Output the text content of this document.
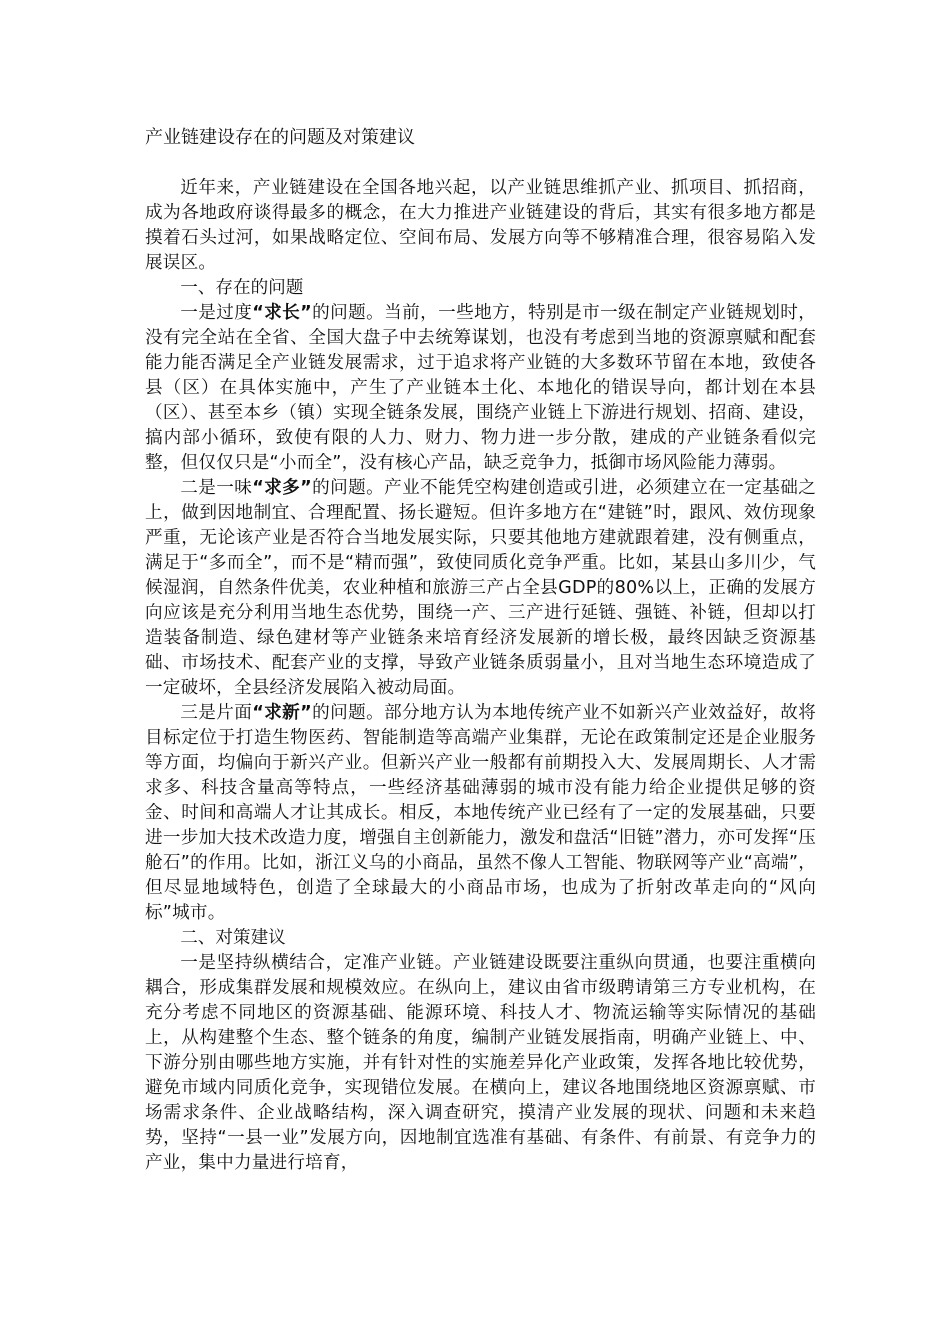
产业链建设存在的问题及对策建议

近年来，产业链建设在全国各地兴起，以产业链思维抓产业、抓项目、抓招商，成为各地政府谈得最多的概念，在大力推进产业链建设的背后，其实有很多地方都是摸着石头过河，如果战略定位、空间布局、发展方向等不够精准合理，很容易陷入发展误区。

一、存在的问题

一是过度“求长”的问题。当前，一些地方，特别是市一级在制定产业链规划时，没有完全站在全省、全国大盘子中去统筹谋划，也没有考虑到当地的资源禀赋和配套能力能否满足全产业链发展需求，过于追求将产业链的大多数环节留在本地，致使各县（区）在具体实施中，产生了产业链本土化、本地化的错误导向，都计划在本县（区）、甚至本乡（镇）实现全链条发展，围绕产业链上下游进行规划、招商、建设，搞内部小循环，致使有限的人力、财力、物力进一步分散，建成的产业链条看似完整，但仅仅只是“小而全”，没有核心产品，缺乏竞争力，抵御市场风险能力薄弱。

二是一味“求多”的问题。产业不能凭空构建创造或引进，必须建立在一定基础之上，做到因地制宜、合理配置、扬长避短。但许多地方在“建链”时，跟风、效仿现象严重，无论该产业是否符合当地发展实际，只要其他地方建就跟着建，没有侧重点，满足于“多而全”，而不是“精而强”，致使同质化竞争严重。比如，某县山多川少，气候湿润，自然条件优美，农业种植和旅游三产占全县GDP的80%以上，正确的发展方向应该是充分利用当地生态优势，围绕一产、三产进行延链、强链、补链，但却以打造装备制造、绿色建材等产业链条来培育经济发展新的增长极，最终因缺乏资源基础、市场技术、配套产业的支撑，导致产业链条质弱量小，且对当地生态环境造成了一定破坏，全县经济发展陷入被动局面。

三是片面“求新”的问题。部分地方认为本地传统产业不如新兴产业效益好，故将目标定位于打造生物医药、智能制造等高端产业集群，无论在政策制定还是企业服务等方面，均偏向于新兴产业。但新兴产业一般都有前期投入大、发展周期长、人才需求多、科技含量高等特点，一些经济基础薄弱的城市没有能力给企业提供足够的资金、时间和高端人才让其成长。相反，本地传统产业已经有了一定的发展基础，只要进一步加大技术改造力度，增强自主创新能力，激发和盘活“旧链”潜力，亦可发挥“压舱石”的作用。比如，浙江义乌的小商品，虽然不像人工智能、物联网等产业“高端”，但尽显地域特色，创造了全球最大的小商品市场，也成为了折射改革走向的“风向标”城市。

二、对策建议

一是坚持纵横结合，定准产业链。产业链建设既要注重纵向贯通，也要注重横向耦合，形成集群发展和规模效应。在纵向上，建议由省市级聘请第三方专业机构，在充分考虑不同地区的资源基础、能源环境、科技人才、物流运输等实际情况的基础上，从构建整个生态、整个链条的角度，编制产业链发展指南，明确产业链上、中、下游分别由哪些地方实施，并有针对性的实施差异化产业政策，发挥各地比较优势，避免市域内同质化竞争，实现错位发展。在横向上，建议各地围绕地区资源禀赋、市场需求条件、企业战略结构，深入调查研究，摸清产业发展的现状、问题和未来趋势，坚持“一县一业”发展方向，因地制宜选准有基础、有条件、有前景、有竞争力的产业，集中力量进行培育，
